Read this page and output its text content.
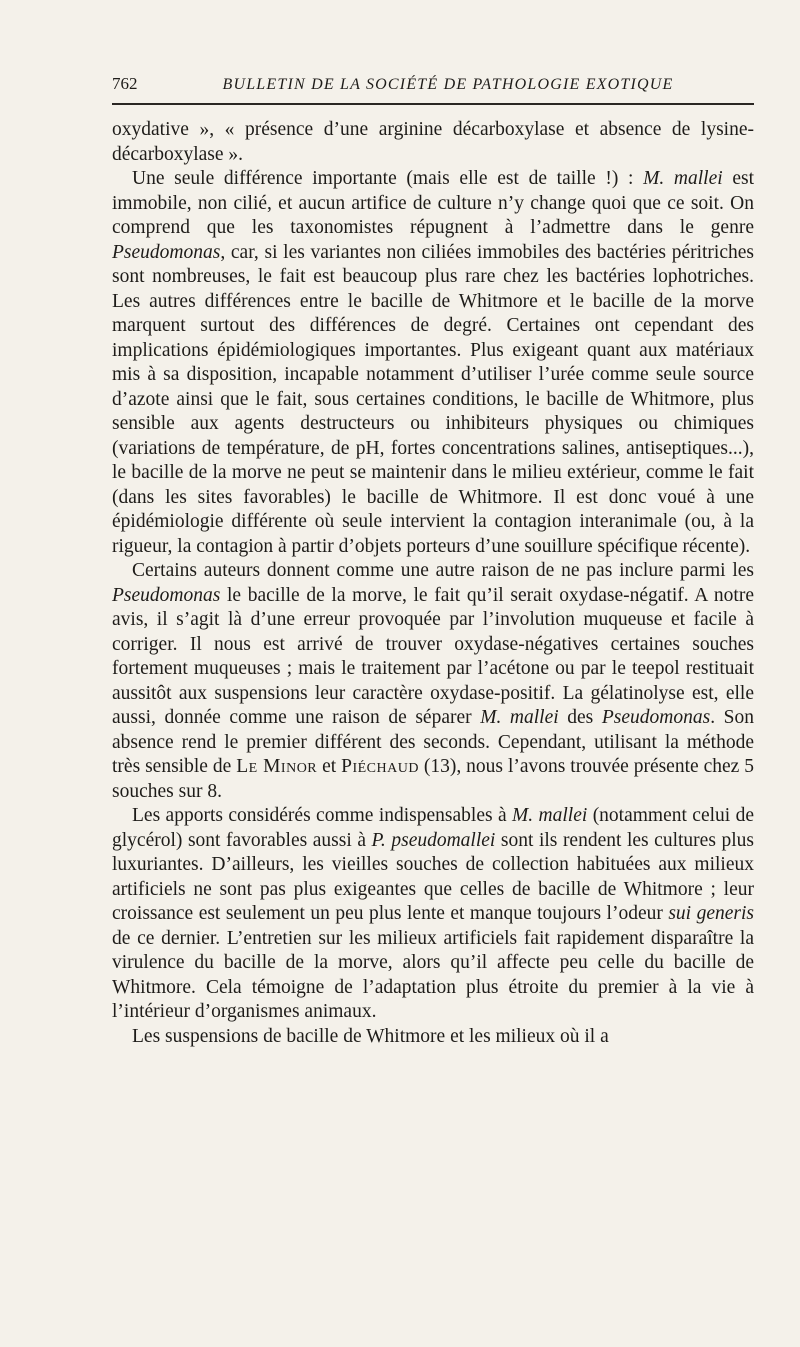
762	BULLETIN DE LA SOCIÉTÉ DE PATHOLOGIE EXOTIQUE

oxydative », « présence d’une arginine décarboxylase et absence de lysine-décarboxylase ».

Une seule différence importante (mais elle est de taille !) : M. mallei est immobile, non cilié, et aucun artifice de culture n’y change quoi que ce soit. On comprend que les taxonomistes répugnent à l’admettre dans le genre Pseudomonas, car, si les variantes non ciliées immobiles des bactéries péritriches sont nombreuses, le fait est beaucoup plus rare chez les bactéries lophotriches. Les autres différences entre le bacille de Whitmore et le bacille de la morve marquent surtout des différences de degré. Certaines ont cependant des implications épidémiologiques importantes. Plus exigeant quant aux matériaux mis à sa disposition, incapable notamment d’utiliser l’urée comme seule source d’azote ainsi que le fait, sous certaines conditions, le bacille de Whitmore, plus sensible aux agents destructeurs ou inhibiteurs physiques ou chimiques (variations de température, de pH, fortes concentrations salines, antiseptiques...), le bacille de la morve ne peut se maintenir dans le milieu extérieur, comme le fait (dans les sites favorables) le bacille de Whitmore. Il est donc voué à une épidémiologie différente où seule intervient la contagion interanimale (ou, à la rigueur, la contagion à partir d’objets porteurs d’une souillure spécifique récente).

Certains auteurs donnent comme une autre raison de ne pas inclure parmi les Pseudomonas le bacille de la morve, le fait qu’il serait oxydase-négatif. A notre avis, il s’agit là d’une erreur provoquée par l’involution muqueuse et facile à corriger. Il nous est arrivé de trouver oxydase-négatives certaines souches fortement muqueuses ; mais le traitement par l’acétone ou par le teepol restituait aussitôt aux suspensions leur caractère oxydase-positif. La gélatinolyse est, elle aussi, donnée comme une raison de séparer M. mallei des Pseudomonas. Son absence rend le premier différent des seconds. Cependant, utilisant la méthode très sensible de Le Minor et Piéchaud (13), nous l’avons trouvée présente chez 5 souches sur 8.

Les apports considérés comme indispensables à M. mallei (notamment celui de glycérol) sont favorables aussi à P. pseudomallei sont ils rendent les cultures plus luxuriantes. D’ailleurs, les vieilles souches de collection habituées aux milieux artificiels ne sont pas plus exigeantes que celles de bacille de Whitmore ; leur croissance est seulement un peu plus lente et manque toujours l’odeur sui generis de ce dernier. L’entretien sur les milieux artificiels fait rapidement disparaître la virulence du bacille de la morve, alors qu’il affecte peu celle du bacille de Whitmore. Cela témoigne de l’adaptation plus étroite du premier à la vie à l’intérieur d’organismes animaux.

Les suspensions de bacille de Whitmore et les milieux où il a
